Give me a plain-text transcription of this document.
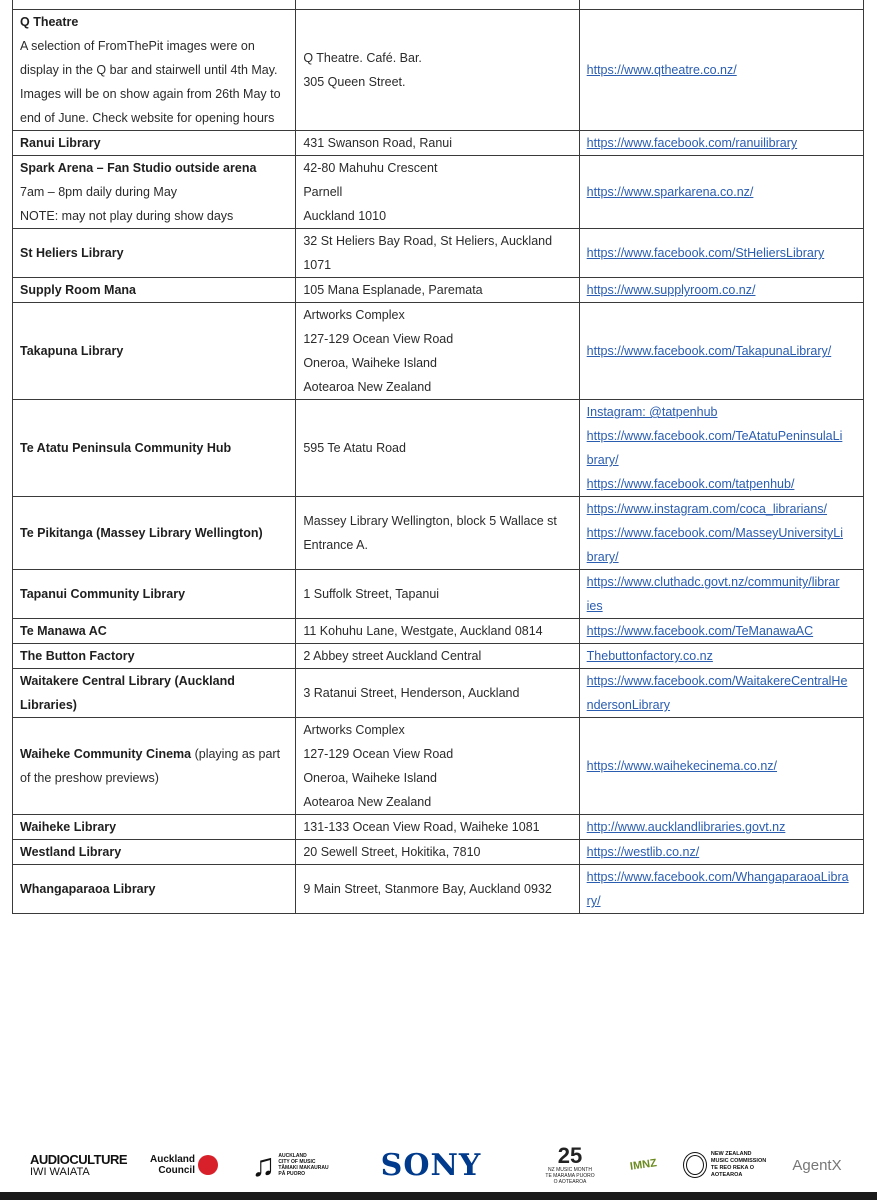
Q Theatre
A selection of FromThePit images were on
display in the Q bar and stairwell until 4th May.
Images will be on show again from 26th May to
end of June. Check website for opening hours	Q Theatre. Café. Bar.
305 Queen Street.	https://www.qtheatre.co.nz/

Ranui Library	431 Swanson Road, Ranui	https://www.facebook.com/ranuilibrary

Spark Arena – Fan Studio outside arena
7am – 8pm daily during May
NOTE: may not play during show days	42-80 Mahuhu Crescent
Parnell
Auckland 1010	https://www.sparkarena.co.nz/

St Heliers Library	32 St Heliers Bay Road, St Heliers, Auckland 1071	https://www.facebook.com/StHeliersLibrary

Supply Room Mana	105 Mana Esplanade, Paremata	https://www.supplyroom.co.nz/

Takapuna Library	Artworks Complex
127-129 Ocean View Road
Oneroa, Waiheke Island
Aotearoa New Zealand	https://www.facebook.com/TakapunaLibrary/

Te Atatu Peninsula Community Hub	595 Te Atatu Road	Instagram: @tatpenhub
https://www.facebook.com/TeAtatuPeninsulaLi
brary/
https://www.facebook.com/tatpenhub/

Te Pikitanga (Massey Library Wellington)	Massey Library Wellington, block 5 Wallace st
Entrance A.	https://www.instagram.com/coca_librarians/
https://www.facebook.com/MasseyUniversityLi
brary/

Tapanui Community Library	1 Suffolk Street, Tapanui	https://www.cluthadc.govt.nz/community/librar
ies

Te Manawa AC	11 Kohuhu Lane, Westgate, Auckland 0814	https://www.facebook.com/TeManawaAC

The Button Factory	2 Abbey street Auckland Central	Thebuttonfactory.co.nz

Waitakere Central Library (Auckland Libraries)	3 Ratanui Street, Henderson, Auckland	https://www.facebook.com/WaitakereCentralHe
ndersonLibrary

Waiheke Community Cinema (playing as part of the preshow previews)	Artworks Complex
127-129 Ocean View Road
Oneroa, Waiheke Island
Aotearoa New Zealand	https://www.waihekecinema.co.nz/

Waiheke Library	131-133 Ocean View Road, Waiheke 1081	http://www.aucklandlibraries.govt.nz

Westland Library	20 Sewell Street, Hokitika, 7810	https://westlib.co.nz/

Whangaparaoa Library	9 Main Street, Stanmore Bay, Auckland 0932	https://www.facebook.com/WhangaparaoaLibra
ry/
AUDIOCULTURE
IWI WAIATA
Auckland
Council ♫ AUCKLAND
CITY OF MUSIC
TĀMAKI MAKAURAU
PĀ PUORO	SONY	25
NZ MUSIC MONTH
TE MARAMA PUORO O AOTEAROA
IMNZ
NEW ZEALAND
MUSIC COMMISSION
TE REO REKA O AOTEAROA
AgentX
